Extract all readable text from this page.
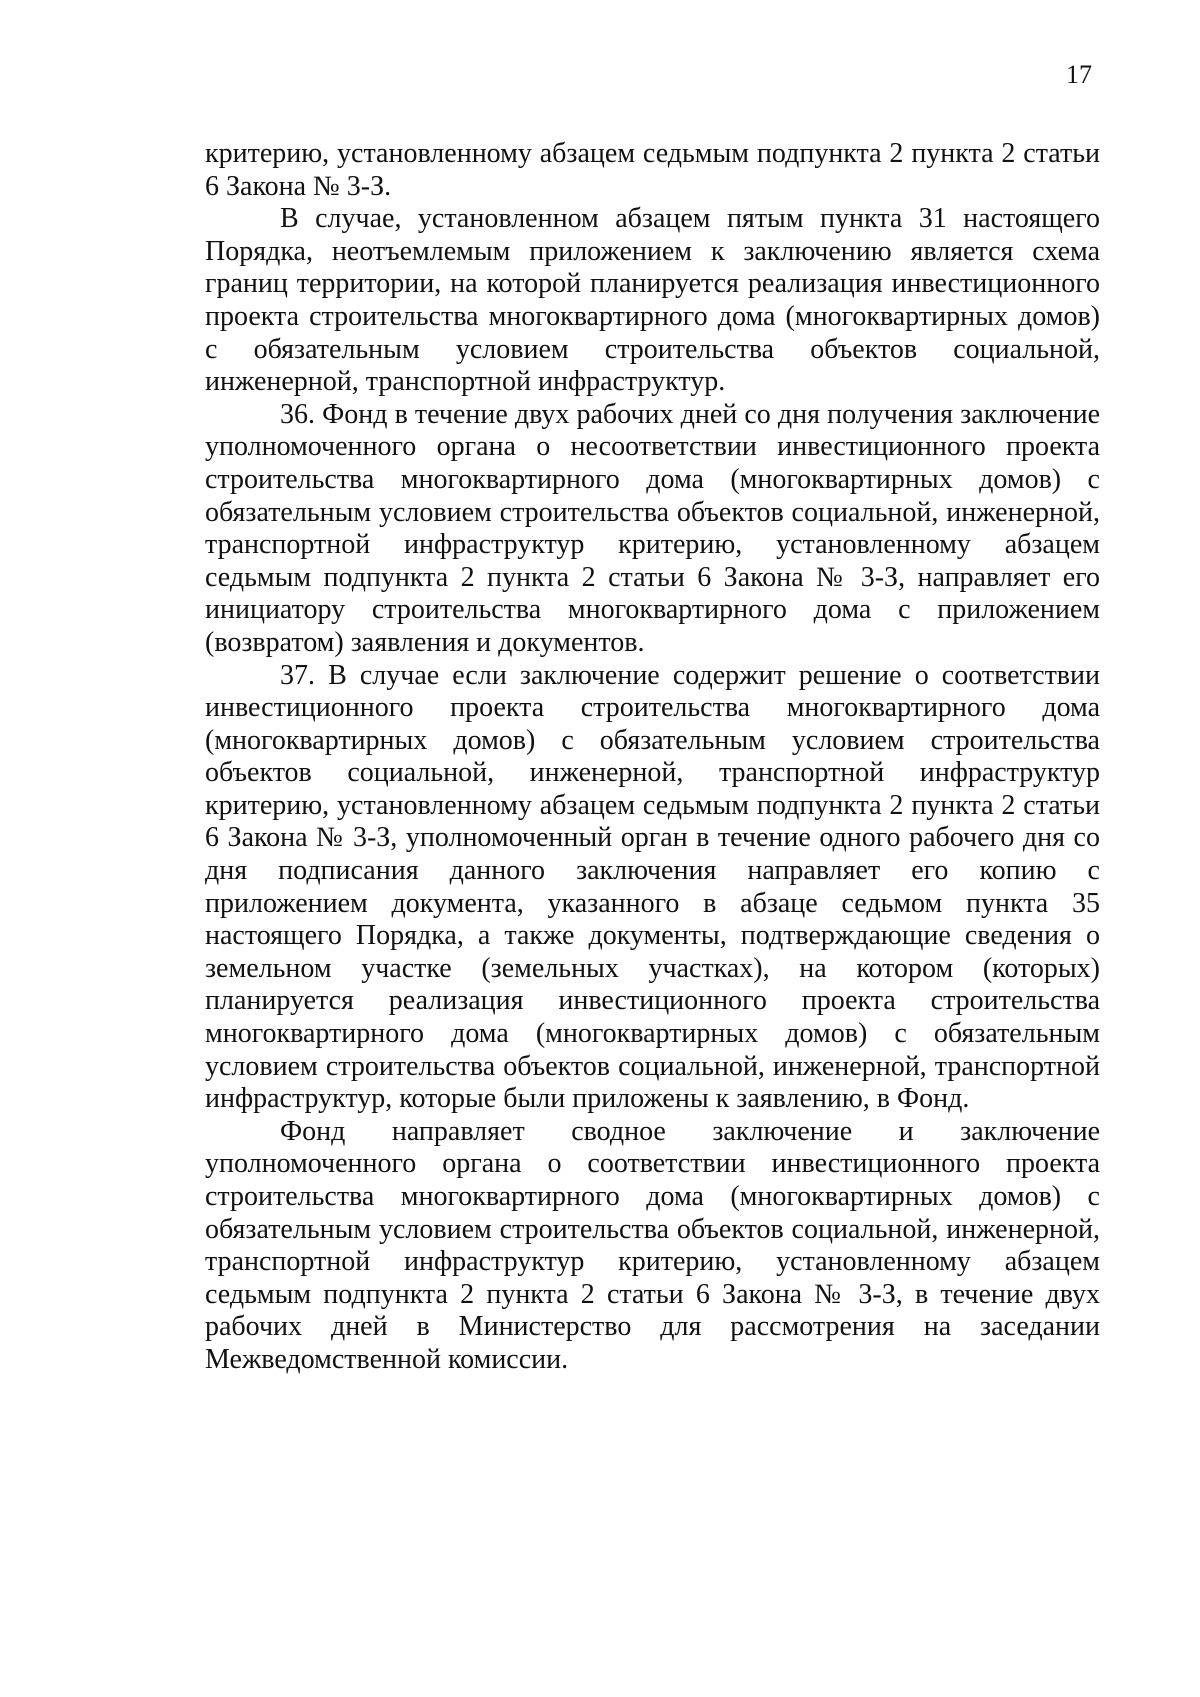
17

критерию, установленному абзацем седьмым подпункта 2 пункта 2 статьи 6 Закона № 3-З.

В случае, установленном абзацем пятым пункта 31 настоящего Порядка, неотъемлемым приложением к заключению является схема границ территории, на которой планируется реализация инвестиционного проекта строительства многоквартирного дома (многоквартирных домов) с обязательным условием строительства объектов социальной, инженерной, транспортной инфраструктур.

36. Фонд в течение двух рабочих дней со дня получения заключение уполномоченного органа о несоответствии инвестиционного проекта строительства многоквартирного дома (многоквартирных домов) с обязательным условием строительства объектов социальной, инженерной, транспортной инфраструктур критерию, установленному абзацем седьмым подпункта 2 пункта 2 статьи 6 Закона № 3-З, направляет его инициатору строительства многоквартирного дома с приложением (возвратом) заявления и документов.

37. В случае если заключение содержит решение о соответствии инвестиционного проекта строительства многоквартирного дома (многоквартирных домов) с обязательным условием строительства объектов социальной, инженерной, транспортной инфраструктур критерию, установленному абзацем седьмым подпункта 2 пункта 2 статьи 6 Закона № 3-З, уполномоченный орган в течение одного рабочего дня со дня подписания данного заключения направляет его копию с приложением документа, указанного в абзаце седьмом пункта 35 настоящего Порядка, а также документы, подтверждающие сведения о земельном участке (земельных участках), на котором (которых) планируется реализация инвестиционного проекта строительства многоквартирного дома (многоквартирных домов) с обязательным условием строительства объектов социальной, инженерной, транспортной инфраструктур, которые были приложены к заявлению, в Фонд.

Фонд направляет сводное заключение и заключение уполномоченного органа о соответствии инвестиционного проекта строительства многоквартирного дома (многоквартирных домов) с обязательным условием строительства объектов социальной, инженерной, транспортной инфраструктур критерию, установленному абзацем седьмым подпункта 2 пункта 2 статьи 6 Закона № 3-З, в течение двух рабочих дней в Министерство для рассмотрения на заседании Межведомственной комиссии.
